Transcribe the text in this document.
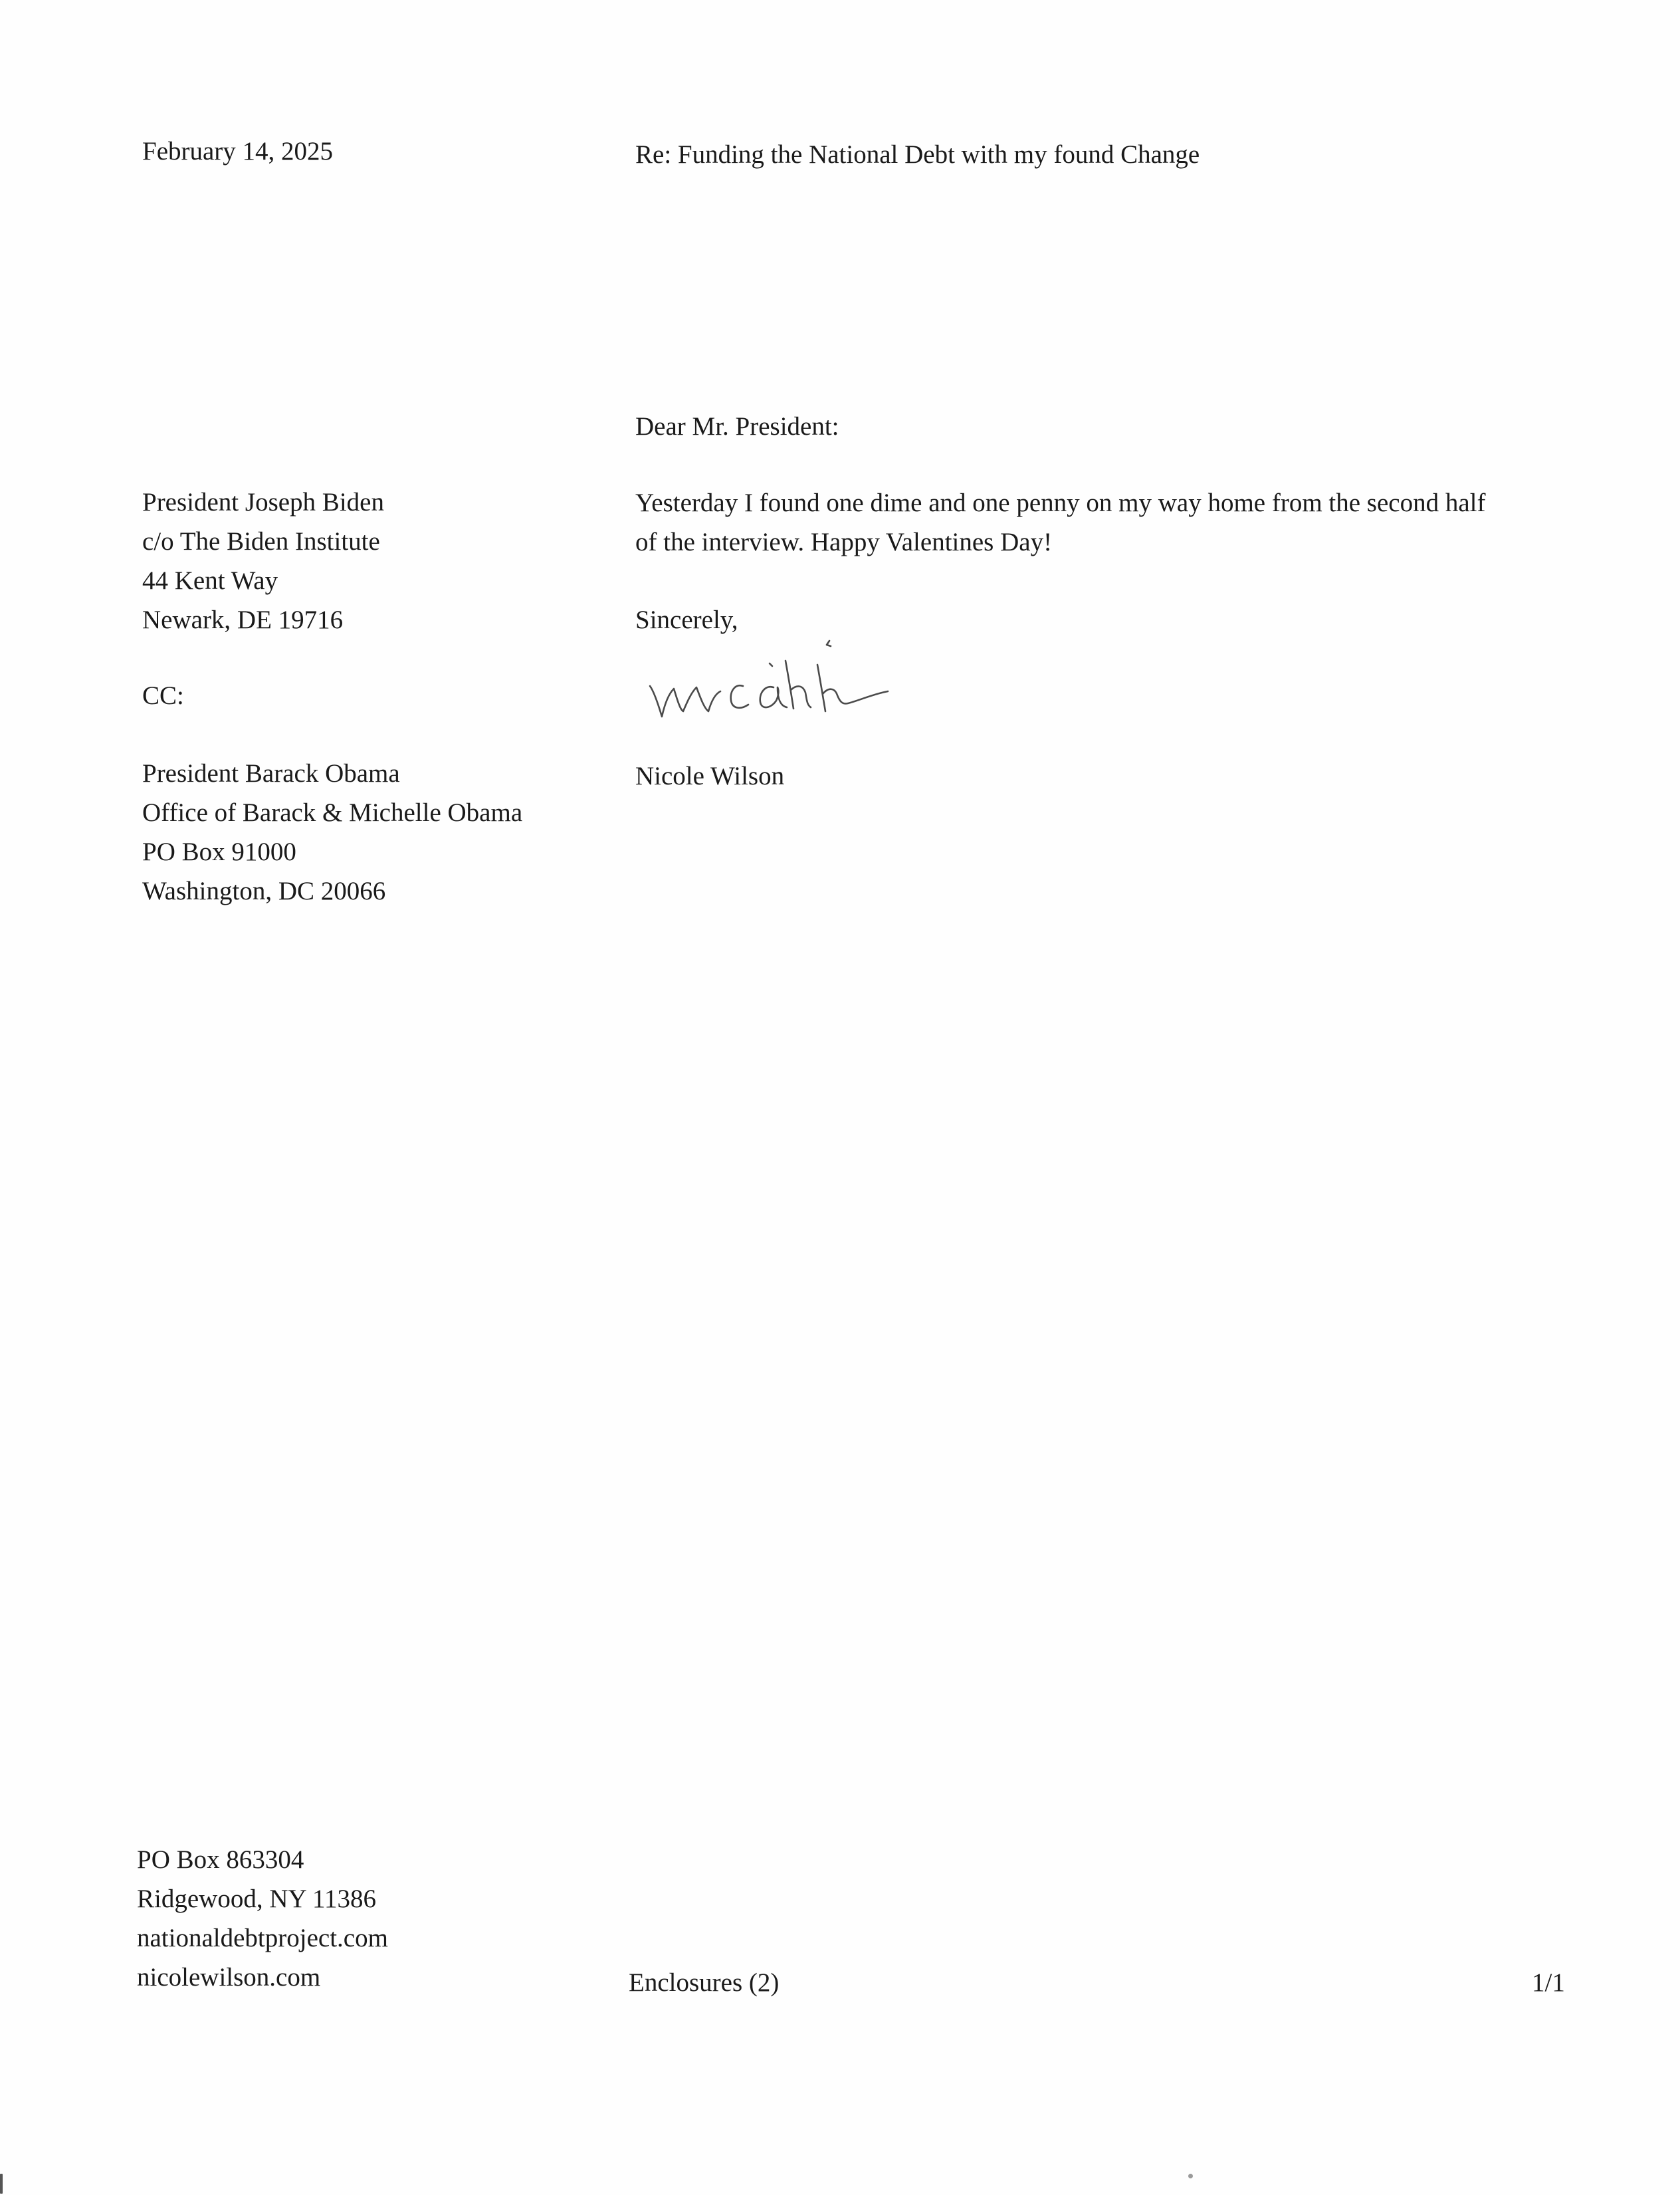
February 14, 2025	Re: Funding the National Debt with my found Change

Dear Mr. President:

President Joseph Biden
c/o The Biden Institute
44 Kent Way
Newark, DE 19716
Yesterday I found one dime and one penny on my way home from the second half
of the interview. Happy Valentines Day!

Sincerely,

Nicole Wilson

CC:

President Barack Obama
Office of Barack & Michelle Obama
PO Box 91000
Washington, DC 20066
PO Box 863304
Ridgewood, NY 11386
nationaldebtproject.com
nicolewilson.com	Enclosures (2)	1/1
